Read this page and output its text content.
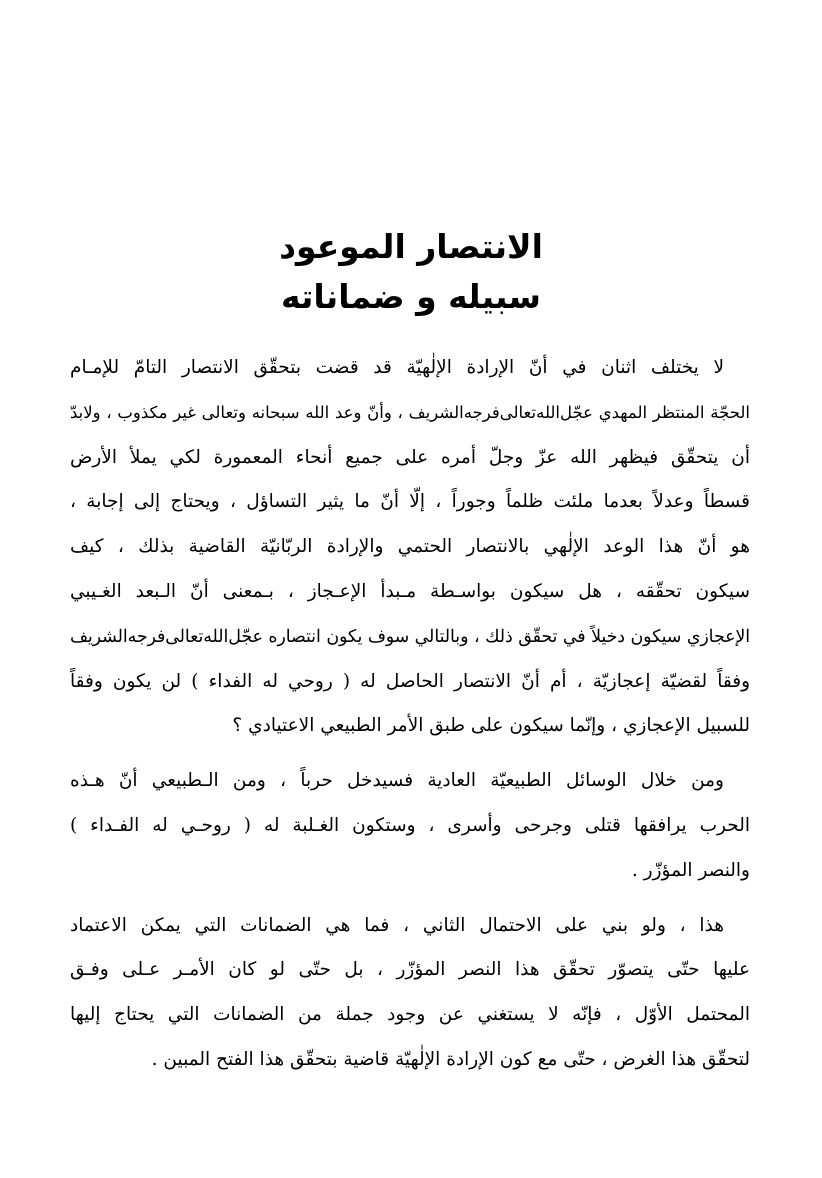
الانتصار الموعود

سبيله و ضماناته

لا يختلف اثنان في أنّ الإرادة الإلٰهيّة قد قضت بتحقّق الانتصار التامّ للإمـام
الحجّة المنتظر المهدي عجّل‌الله‌تعالی‌فرجه‌الشريف ، وأنّ وعد الله سبحانه وتعالى غير مكذوب ، ولابدّ
أن يتحقّق فيظهر الله عزّ وجلّ أمره على جميع أنحاء المعمورة لكي يملأ الأرض
قسطاً وعدلاً بعدما ملئت ظلماً وجوراً ، إلّا أنّ ما يثير التساؤل ، ويحتاج إلى إجابة ،
هو أنّ هذا الوعد الإلٰهي بالانتصار الحتمي والإرادة الربّانيّة القاضية بذلك ، كيف
سيكون تحقّقه ، هل سيكون بواسـطة مـبدأ الإعـجاز ، بـمعنى أنّ الـبعد الغـيبي
الإعجازي سيكون دخيلاً في تحقّق ذلك ، وبالتالي سوف يكون انتصاره عجّل‌الله‌تعالی‌فرجه‌الشريف
وفقاً لقضيّة إعجازيّة ، أم أنّ الانتصار الحاصل له ( روحي له الفداء ) لن يكون وفقاً
للسبيل الإعجازي ، وإنّما سيكون على طبق الأمر الطبيعي الاعتيادي ؟

ومن خلال الوسائل الطبيعيّة العادية فسيدخل حرباً ، ومن الـطبيعي أنّ هـذه
الحرب يرافقها قتلى وجرحى وأسرى ، وستكون الغـلبة له ( روحـي له الفـداء )
والنصر المؤزّر .

هذا ، ولو بني على الاحتمال الثاني ، فما هي الضمانات التي يمكن الاعتماد
عليها حتّى يتصوّر تحقّق هذا النصر المؤزّر ، بل حتّى لو كان الأمـر عـلى وفـق
المحتمل الأوّل ، فإنّه لا يستغني عن وجود جملة من الضمانات التي يحتاج إليها
لتحقّق هذا الغرض ، حتّى مع كون الإرادة الإلٰهيّة قاضية بتحقّق هذا الفتح المبين .
